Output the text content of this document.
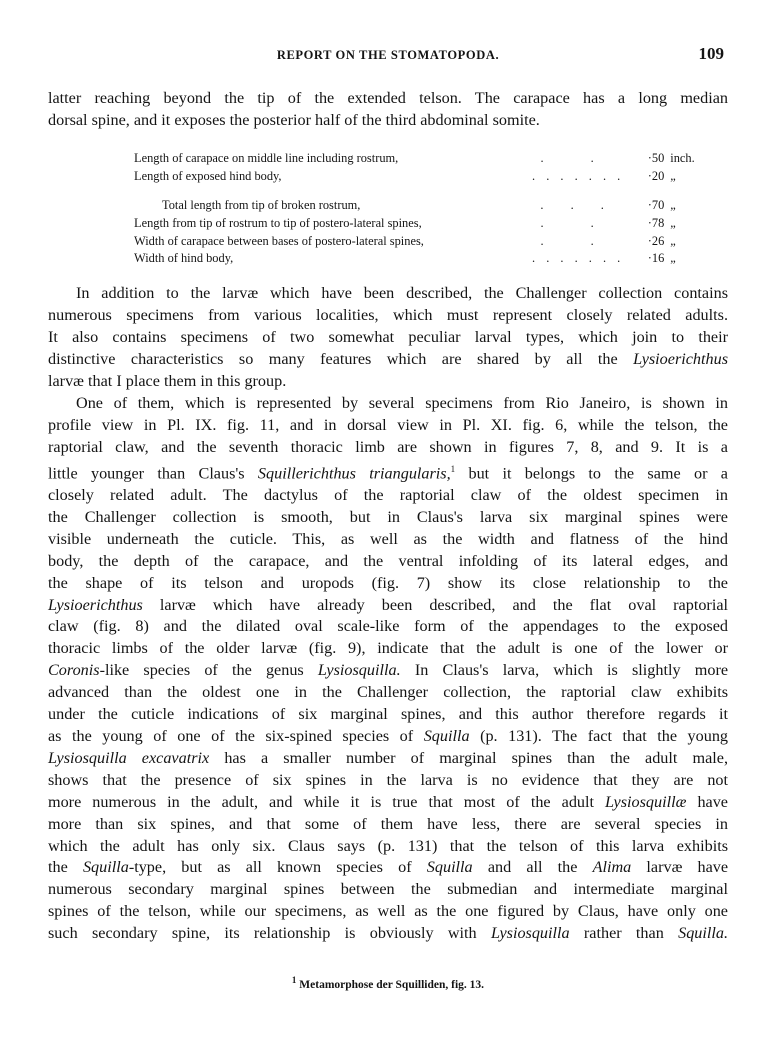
REPORT ON THE STOMATOPODA.	109

latter reaching beyond the tip of the extended telson. The carapace has a long median
dorsal spine, and it exposes the posterior half of the third abdominal somite.

Length of carapace on middle line including rostrum,	. .	·50	inch.
Length of exposed hind body,	. . . . . . .	·20	„

Total length from tip of broken rostrum,	. . .	·70	„
Length from tip of rostrum to tip of postero-lateral spines,	. .	·78	„
Width of carapace between bases of postero-lateral spines,	. .	·26	„
Width of hind body,	. . . . . . .	·16	„

In addition to the larvæ which have been described, the Challenger collection contains
numerous specimens from various localities, which must represent closely related adults.
It also contains specimens of two somewhat peculiar larval types, which join to their
distinctive characteristics so many features which are shared by all the Lysioerichthus
larvæ that I place them in this group.

One of them, which is represented by several specimens from Rio Janeiro, is shown in
profile view in Pl. IX. fig. 11, and in dorsal view in Pl. XI. fig. 6, while the telson, the
raptorial claw, and the seventh thoracic limb are shown in figures 7, 8, and 9. It is a
little younger than Claus's Squillerichthus triangularis,$^1$ but it belongs to the same or a
closely related adult. The dactylus of the raptorial claw of the oldest specimen in
the Challenger collection is smooth, but in Claus's larva six marginal spines were
visible underneath the cuticle. This, as well as the width and flatness of the hind
body, the depth of the carapace, and the ventral infolding of its lateral edges, and
the shape of its telson and uropods (fig. 7) show its close relationship to the
Lysioerichthus larvæ which have already been described, and the flat oval raptorial
claw (fig. 8) and the dilated oval scale-like form of the appendages to the exposed
thoracic limbs of the older larvæ (fig. 9), indicate that the adult is one of the lower or
Coronis-like species of the genus Lysiosquilla. In Claus's larva, which is slightly more
advanced than the oldest one in the Challenger collection, the raptorial claw exhibits
under the cuticle indications of six marginal spines, and this author therefore regards it
as the young of one of the six-spined species of Squilla (p. 131). The fact that the young
Lysiosquilla excavatrix has a smaller number of marginal spines than the adult male,
shows that the presence of six spines in the larva is no evidence that they are not
more numerous in the adult, and while it is true that most of the adult Lysiosquillæ have
more than six spines, and that some of them have less, there are several species in
which the adult has only six. Claus says (p. 131) that the telson of this larva exhibits
the Squilla-type, but as all known species of Squilla and all the Alima larvæ have
numerous secondary marginal spines between the submedian and intermediate marginal
spines of the telson, while our specimens, as well as the one figured by Claus, have only one
such secondary spine, its relationship is obviously with Lysiosquilla rather than Squilla.

$^1$ Metamorphose der Squilliden, fig. 13.
